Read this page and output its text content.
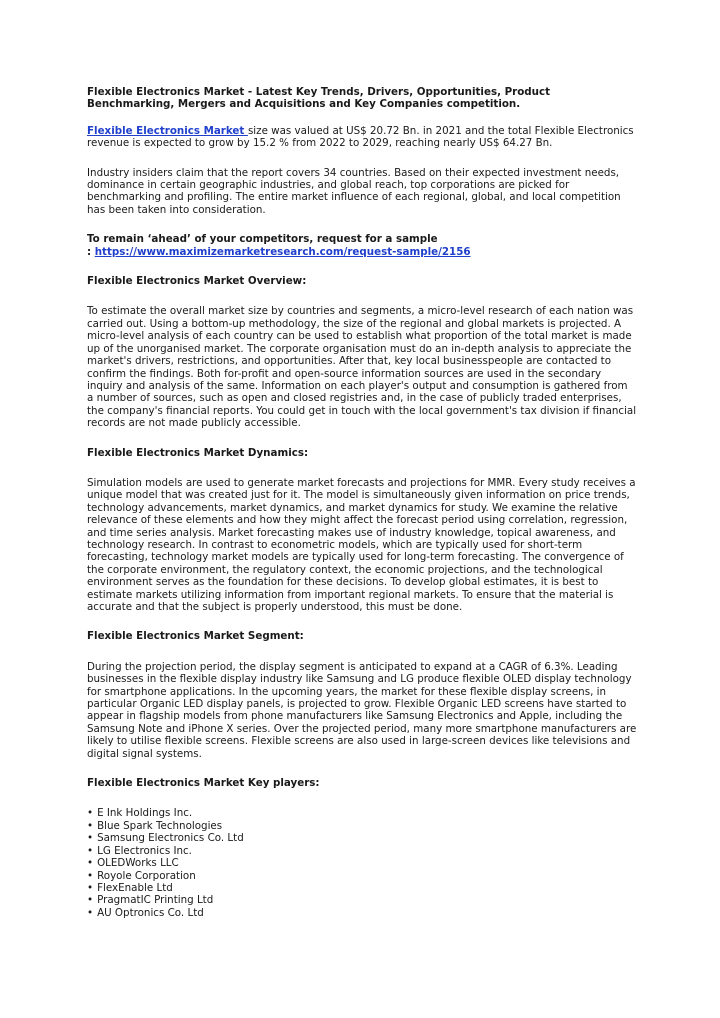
Flexible Electronics Market - Latest Key Trends, Drivers, Opportunities, Product Benchmarking, Mergers and Acquisitions and Key Companies competition.

Flexible Electronics Market size was valued at US$ 20.72 Bn. in 2021 and the total Flexible Electronics revenue is expected to grow by 15.2 % from 2022 to 2029, reaching nearly US$ 64.27 Bn.

Industry insiders claim that the report covers 34 countries. Based on their expected investment needs, dominance in certain geographic industries, and global reach, top corporations are picked for benchmarking and profiling. The entire market influence of each regional, global, and local competition has been taken into consideration.

To remain ‘ahead’ of your competitors, request for a sample
: https://www.maximizemarketresearch.com/request-sample/2156
Flexible Electronics Market Overview:

To estimate the overall market size by countries and segments, a micro-level research of each nation was carried out. Using a bottom-up methodology, the size of the regional and global markets is projected. A micro-level analysis of each country can be used to establish what proportion of the total market is made up of the unorganised market. The corporate organisation must do an in-depth analysis to appreciate the market's drivers, restrictions, and opportunities. After that, key local businesspeople are contacted to confirm the findings. Both for-profit and open-source information sources are used in the secondary inquiry and analysis of the same. Information on each player's output and consumption is gathered from a number of sources, such as open and closed registries and, in the case of publicly traded enterprises, the company's financial reports. You could get in touch with the local government's tax division if financial records are not made publicly accessible.

Flexible Electronics Market Dynamics:

Simulation models are used to generate market forecasts and projections for MMR. Every study receives a unique model that was created just for it. The model is simultaneously given information on price trends, technology advancements, market dynamics, and market dynamics for study. We examine the relative relevance of these elements and how they might affect the forecast period using correlation, regression, and time series analysis. Market forecasting makes use of industry knowledge, topical awareness, and technology research. In contrast to econometric models, which are typically used for short-term forecasting, technology market models are typically used for long-term forecasting. The convergence of the corporate environment, the regulatory context, the economic projections, and the technological environment serves as the foundation for these decisions. To develop global estimates, it is best to estimate markets utilizing information from important regional markets. To ensure that the material is accurate and that the subject is properly understood, this must be done.

Flexible Electronics Market Segment:

During the projection period, the display segment is anticipated to expand at a CAGR of 6.3%. Leading businesses in the flexible display industry like Samsung and LG produce flexible OLED display technology for smartphone applications. In the upcoming years, the market for these flexible display screens, in particular Organic LED display panels, is projected to grow. Flexible Organic LED screens have started to appear in flagship models from phone manufacturers like Samsung Electronics and Apple, including the Samsung Note and iPhone X series. Over the projected period, many more smartphone manufacturers are likely to utilise flexible screens. Flexible screens are also used in large-screen devices like televisions and digital signal systems.

Flexible Electronics Market Key players:
• E Ink Holdings Inc.
• Blue Spark Technologies
• Samsung Electronics Co. Ltd
• LG Electronics Inc.
• OLEDWorks LLC
• Royole Corporation
• FlexEnable Ltd
• PragmatIC Printing Ltd
• AU Optronics Co. Ltd
